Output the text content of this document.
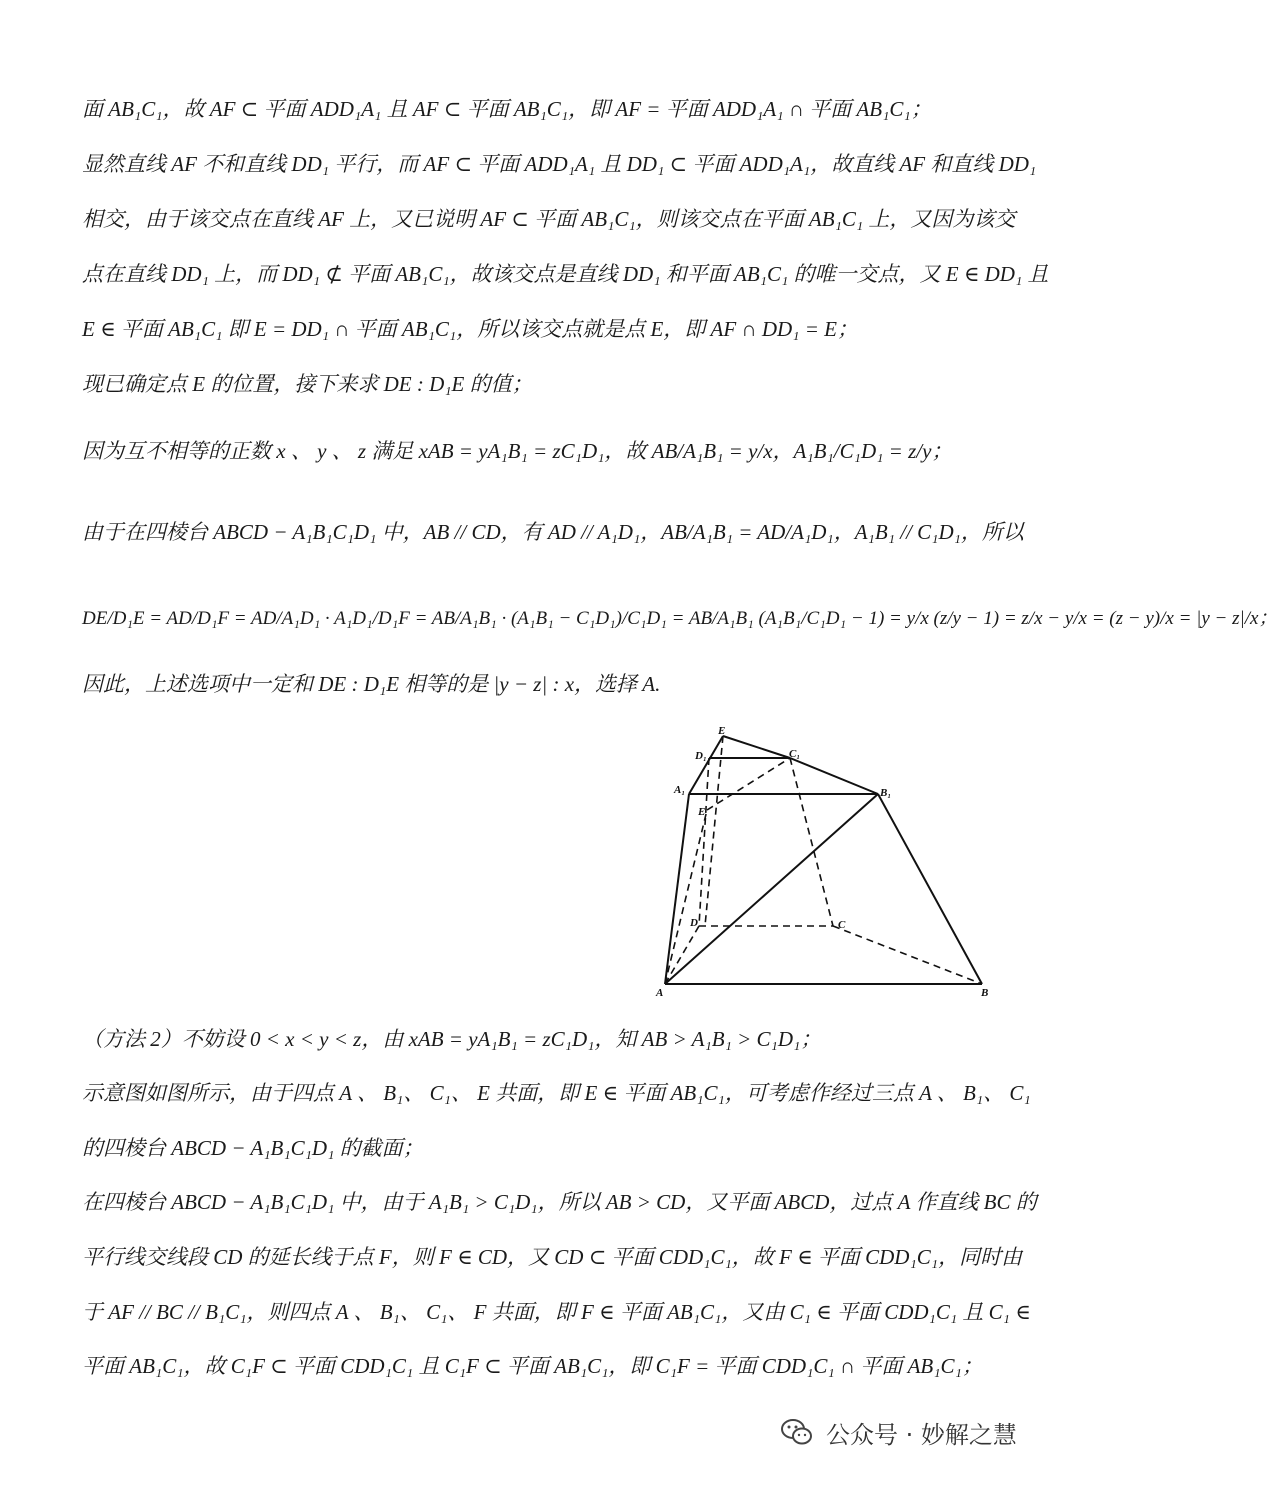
面 AB₁C₁，故 AF ⊂ 平面 ADD₁A₁ 且 AF ⊂ 平面 AB₁C₁，即 AF = 平面 ADD₁A₁ ∩ 平面 AB₁C₁；
显然直线 AF 不和直线 DD₁ 平行，而 AF ⊂ 平面 ADD₁A₁ 且 DD₁ ⊂ 平面 ADD₁A₁，故直线 AF 和直线 DD₁
相交，由于该交点在直线 AF 上，又已说明 AF ⊂ 平面 AB₁C₁，则该交点在平面 AB₁C₁ 上，又因为该交
点在直线 DD₁ 上，而 DD₁ ⊄ 平面 AB₁C₁，故该交点是直线 DD₁ 和平面 AB₁C₁ 的唯一交点，又 E ∈ DD₁ 且
E ∈ 平面 AB₁C₁ 即 E = DD₁ ∩ 平面 AB₁C₁，所以该交点就是点 E，即 AF ∩ DD₁ = E；
现已确定点 E 的位置，接下来求 DE : D₁E 的值；
因为互不相等的正数 x 、 y 、 z 满足 xAB = yA₁B₁ = zC₁D₁，故 AB/A₁B₁ = y/x，A₁B₁/C₁D₁ = z/y；
由于在四棱台 ABCD − A₁B₁C₁D₁ 中，AB // CD，有 AD // A₁D₁，AB/A₁B₁ = AD/A₁D₁，A₁B₁ // C₁D₁，所以
DE/D₁E = AD/D₁F = AD/A₁D₁ · A₁D₁/D₁F = AB/A₁B₁ · (A₁B₁ − C₁D₁)/C₁D₁ = AB/A₁B₁ (A₁B₁/C₁D₁ − 1) = y/x (z/y − 1) = z/x − y/x = (z − y)/x = |y − z|/x；
因此，上述选项中一定和 DE : D₁E 相等的是 |y − z| : x，选择 A.
E
D₁	C₁
A₁	B₁
E
D	C
A	B
（方法 2）不妨设 0 < x < y < z，由 xAB = yA₁B₁ = zC₁D₁，知 AB > A₁B₁ > C₁D₁；
示意图如图所示，由于四点 A 、 B₁、 C₁、 E 共面，即 E ∈ 平面 AB₁C₁，可考虑作经过三点 A 、 B₁、 C₁
的四棱台 ABCD − A₁B₁C₁D₁ 的截面；
在四棱台 ABCD − A₁B₁C₁D₁ 中，由于 A₁B₁ > C₁D₁，所以 AB > CD，又平面 ABCD，过点 A 作直线 BC 的
平行线交线段 CD 的延长线于点 F，则 F ∈ CD，又 CD ⊂ 平面 CDD₁C₁，故 F ∈ 平面 CDD₁C₁，同时由
于 AF // BC // B₁C₁，则四点 A 、 B₁、 C₁、 F 共面，即 F ∈ 平面 AB₁C₁，又由 C₁ ∈ 平面 CDD₁C₁ 且 C₁ ∈
平面 AB₁C₁，故 C₁F ⊂ 平面 CDD₁C₁ 且 C₁F ⊂ 平面 AB₁C₁，即 C₁F = 平面 CDD₁C₁ ∩ 平面 AB₁C₁；
公众号 · 妙解之慧
